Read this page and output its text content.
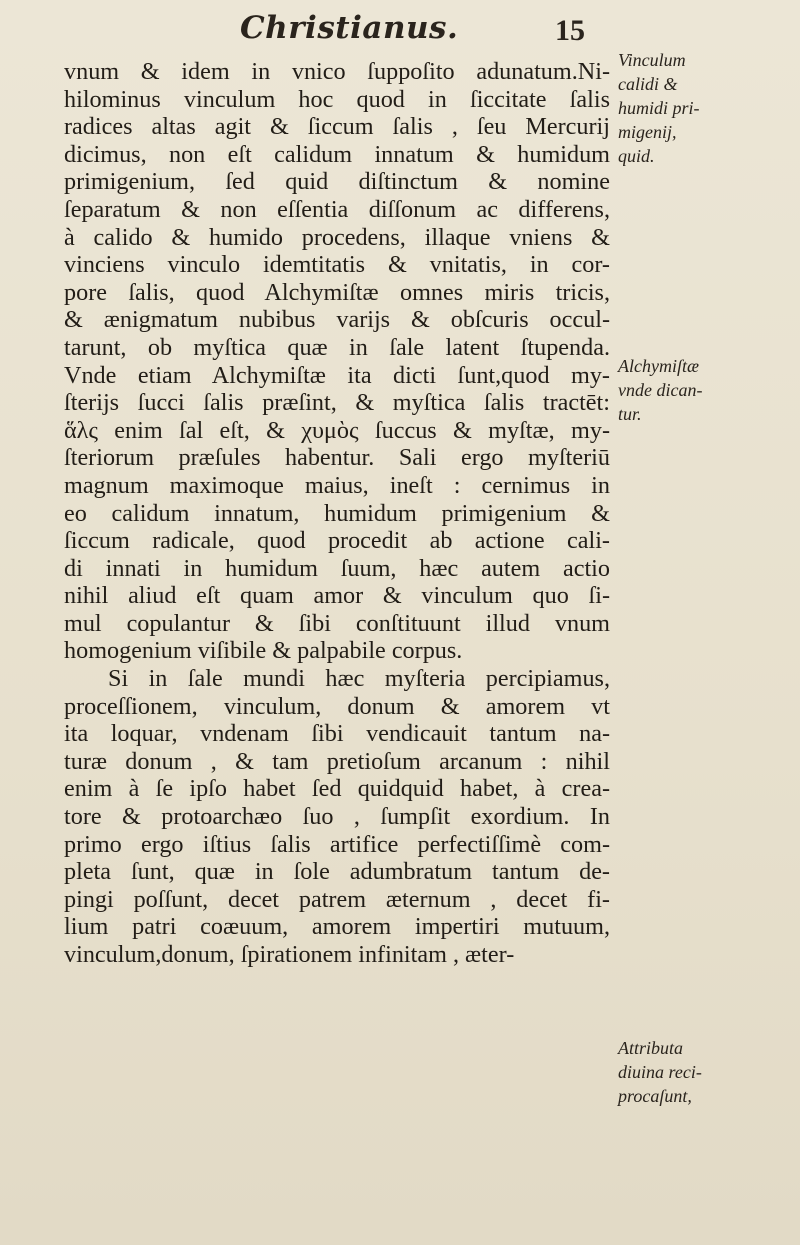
Christianus.	15
vnum & idem in vnico ſuppoſito adunatum.Ni-
hilominus vinculum hoc quod in ſiccitate ſalis
radices altas agit & ſiccum ſalis , ſeu Mercurij
dicimus, non eſt calidum innatum & humidum
primigenium, ſed quid diſtinctum & nomine
ſeparatum & non eſſentia diſſonum ac differens,
à calido & humido procedens, illaque vniens &
vinciens vinculo idemtitatis & vnitatis, in cor-
pore ſalis, quod Alchymiſtæ omnes miris tricis,
& ænigmatum nubibus varijs & obſcuris occul-
tarunt, ob myſtica quæ in ſale latent ſtupenda.
Vnde etiam Alchymiſtæ ita dicti ſunt,quod my-
ſterijs ſucci ſalis præſint, & myſtica ſalis tractēt:
ἅλς enim ſal eſt, & χυμὸς ſuccus & myſtæ, my-
ſteriorum præſules habentur. Sali ergo myſteriū
magnum maximoque maius, ineſt : cernimus in
eo calidum innatum, humidum primigenium &
ſiccum radicale, quod procedit ab actione cali-
di innati in humidum ſuum, hæc autem actio
nihil aliud eſt quam amor & vinculum quo ſi-
mul copulantur & ſibi conſtituunt illud vnum
homogenium viſibile & palpabile corpus.
Si in ſale mundi hæc myſteria percipiamus,
proceſſionem, vinculum, donum & amorem vt
ita loquar, vndenam ſibi vendicauit tantum na-
turæ donum , & tam pretioſum arcanum : nihil
enim à ſe ipſo habet ſed quidquid habet, à crea-
tore & protoarchæo ſuo , ſumpſit exordium. In
primo ergo iſtius ſalis artifice perfectiſſimè com-
pleta ſunt, quæ in ſole adumbratum tantum de-
pingi poſſunt, decet patrem æternum , decet fi-
lium patri coæuum, amorem impertiri mutuum,
vinculum,donum, ſpirationem infinitam , æter-
Vinculum
calidi &
humidi pri-
migenij,
quid.
Alchymiſtæ
vnde dican-
tur.
Attributa
diuina reci-
procaſunt,
